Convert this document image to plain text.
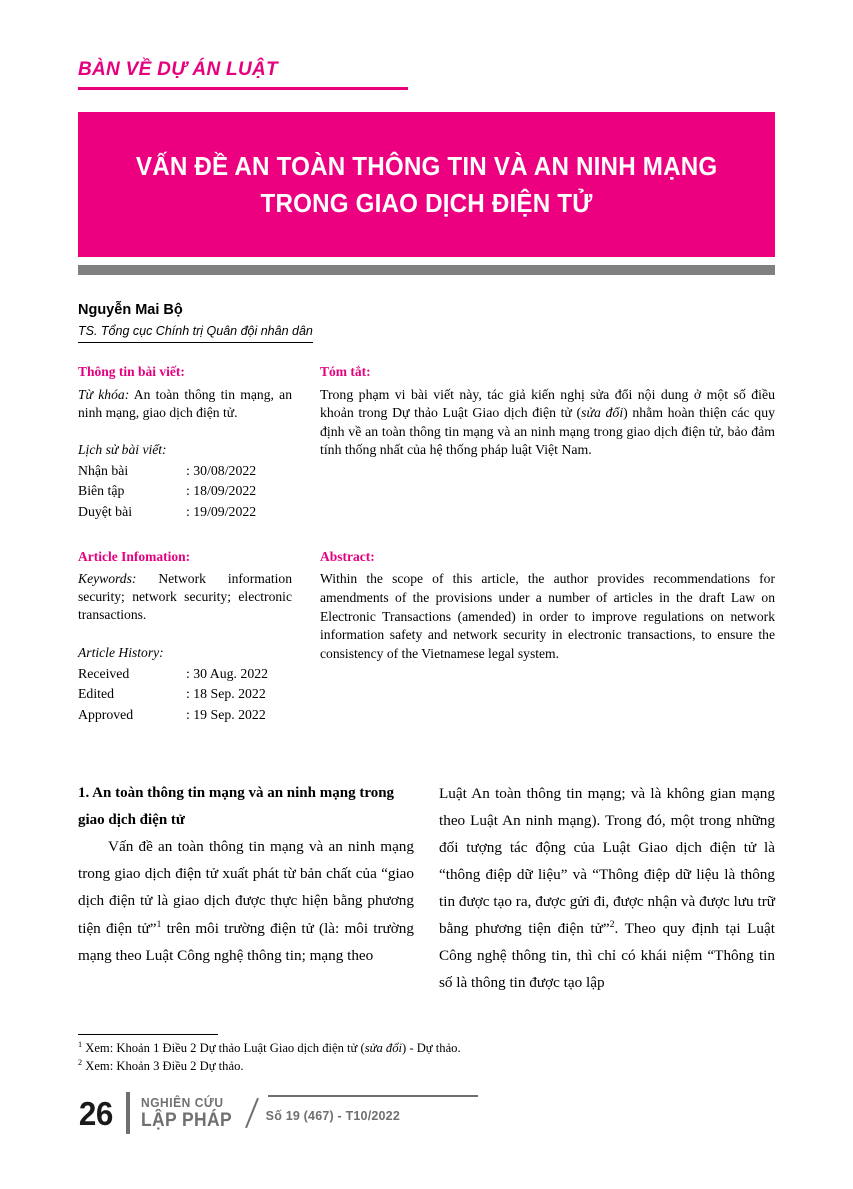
BÀN VỀ DỰ ÁN LUẬT
VẤN ĐỀ AN TOÀN THÔNG TIN VÀ AN NINH MẠNG
TRONG GIAO DỊCH ĐIỆN TỬ
Nguyễn Mai Bộ
TS. Tổng cục Chính trị Quân đội nhân dân
Thông tin bài viết:
Từ khóa: An toàn thông tin mạng, an ninh mạng, giao dịch điện tử.
Lịch sử bài viết:
Nhận bài	: 30/08/2022
Biên tập	: 18/09/2022
Duyệt bài	: 19/09/2022
Tóm tắt:
Trong phạm vi bài viết này, tác giả kiến nghị sửa đổi nội dung ở một số điều khoản trong Dự thảo Luật Giao dịch điện tử (sửa đổi) nhằm hoàn thiện các quy định về an toàn thông tin mạng và an ninh mạng trong giao dịch điện tử, bảo đảm tính thống nhất của hệ thống pháp luật Việt Nam.
Article Infomation:
Keywords: Network information security; network security; electronic transactions.
Article History:
Received	: 30 Aug. 2022
Edited	: 18 Sep. 2022
Approved	: 19 Sep. 2022
Abstract:
Within the scope of this article, the author provides recommendations for amendments of the provisions under a number of articles in the draft Law on Electronic Transactions (amended) in order to improve regulations on network information safety and network security in electronic transactions, to ensure the consistency of the Vietnamese legal system.
1. An toàn thông tin mạng và an ninh mạng trong giao dịch điện tử

Vấn đề an toàn thông tin mạng và an ninh mạng trong giao dịch điện tử xuất phát từ bản chất của “giao dịch điện tử là giao dịch được thực hiện bằng phương tiện điện tử”$^1$ trên môi trường điện tử (là: môi trường mạng theo Luật Công nghệ thông tin; mạng theo

Luật An toàn thông tin mạng; và là không gian mạng theo Luật An ninh mạng). Trong đó, một trong những đối tượng tác động của Luật Giao dịch điện tử là “thông điệp dữ liệu” và “Thông điệp dữ liệu là thông tin được tạo ra, được gửi đi, được nhận và được lưu trữ bằng phương tiện điện tử”$^2$. Theo quy định tại Luật Công nghệ thông tin, thì chỉ có khái niệm “Thông tin số là thông tin được tạo lập

$^1$ Xem: Khoản 1 Điều 2 Dự thảo Luật Giao dịch điện tử (sửa đổi) - Dự thảo.
$^2$ Xem: Khoản 3 Điều 2 Dự thảo.
26 NGHIÊN CỨU
LẬP PHÁP	Số 19 (467) - T10/2022
